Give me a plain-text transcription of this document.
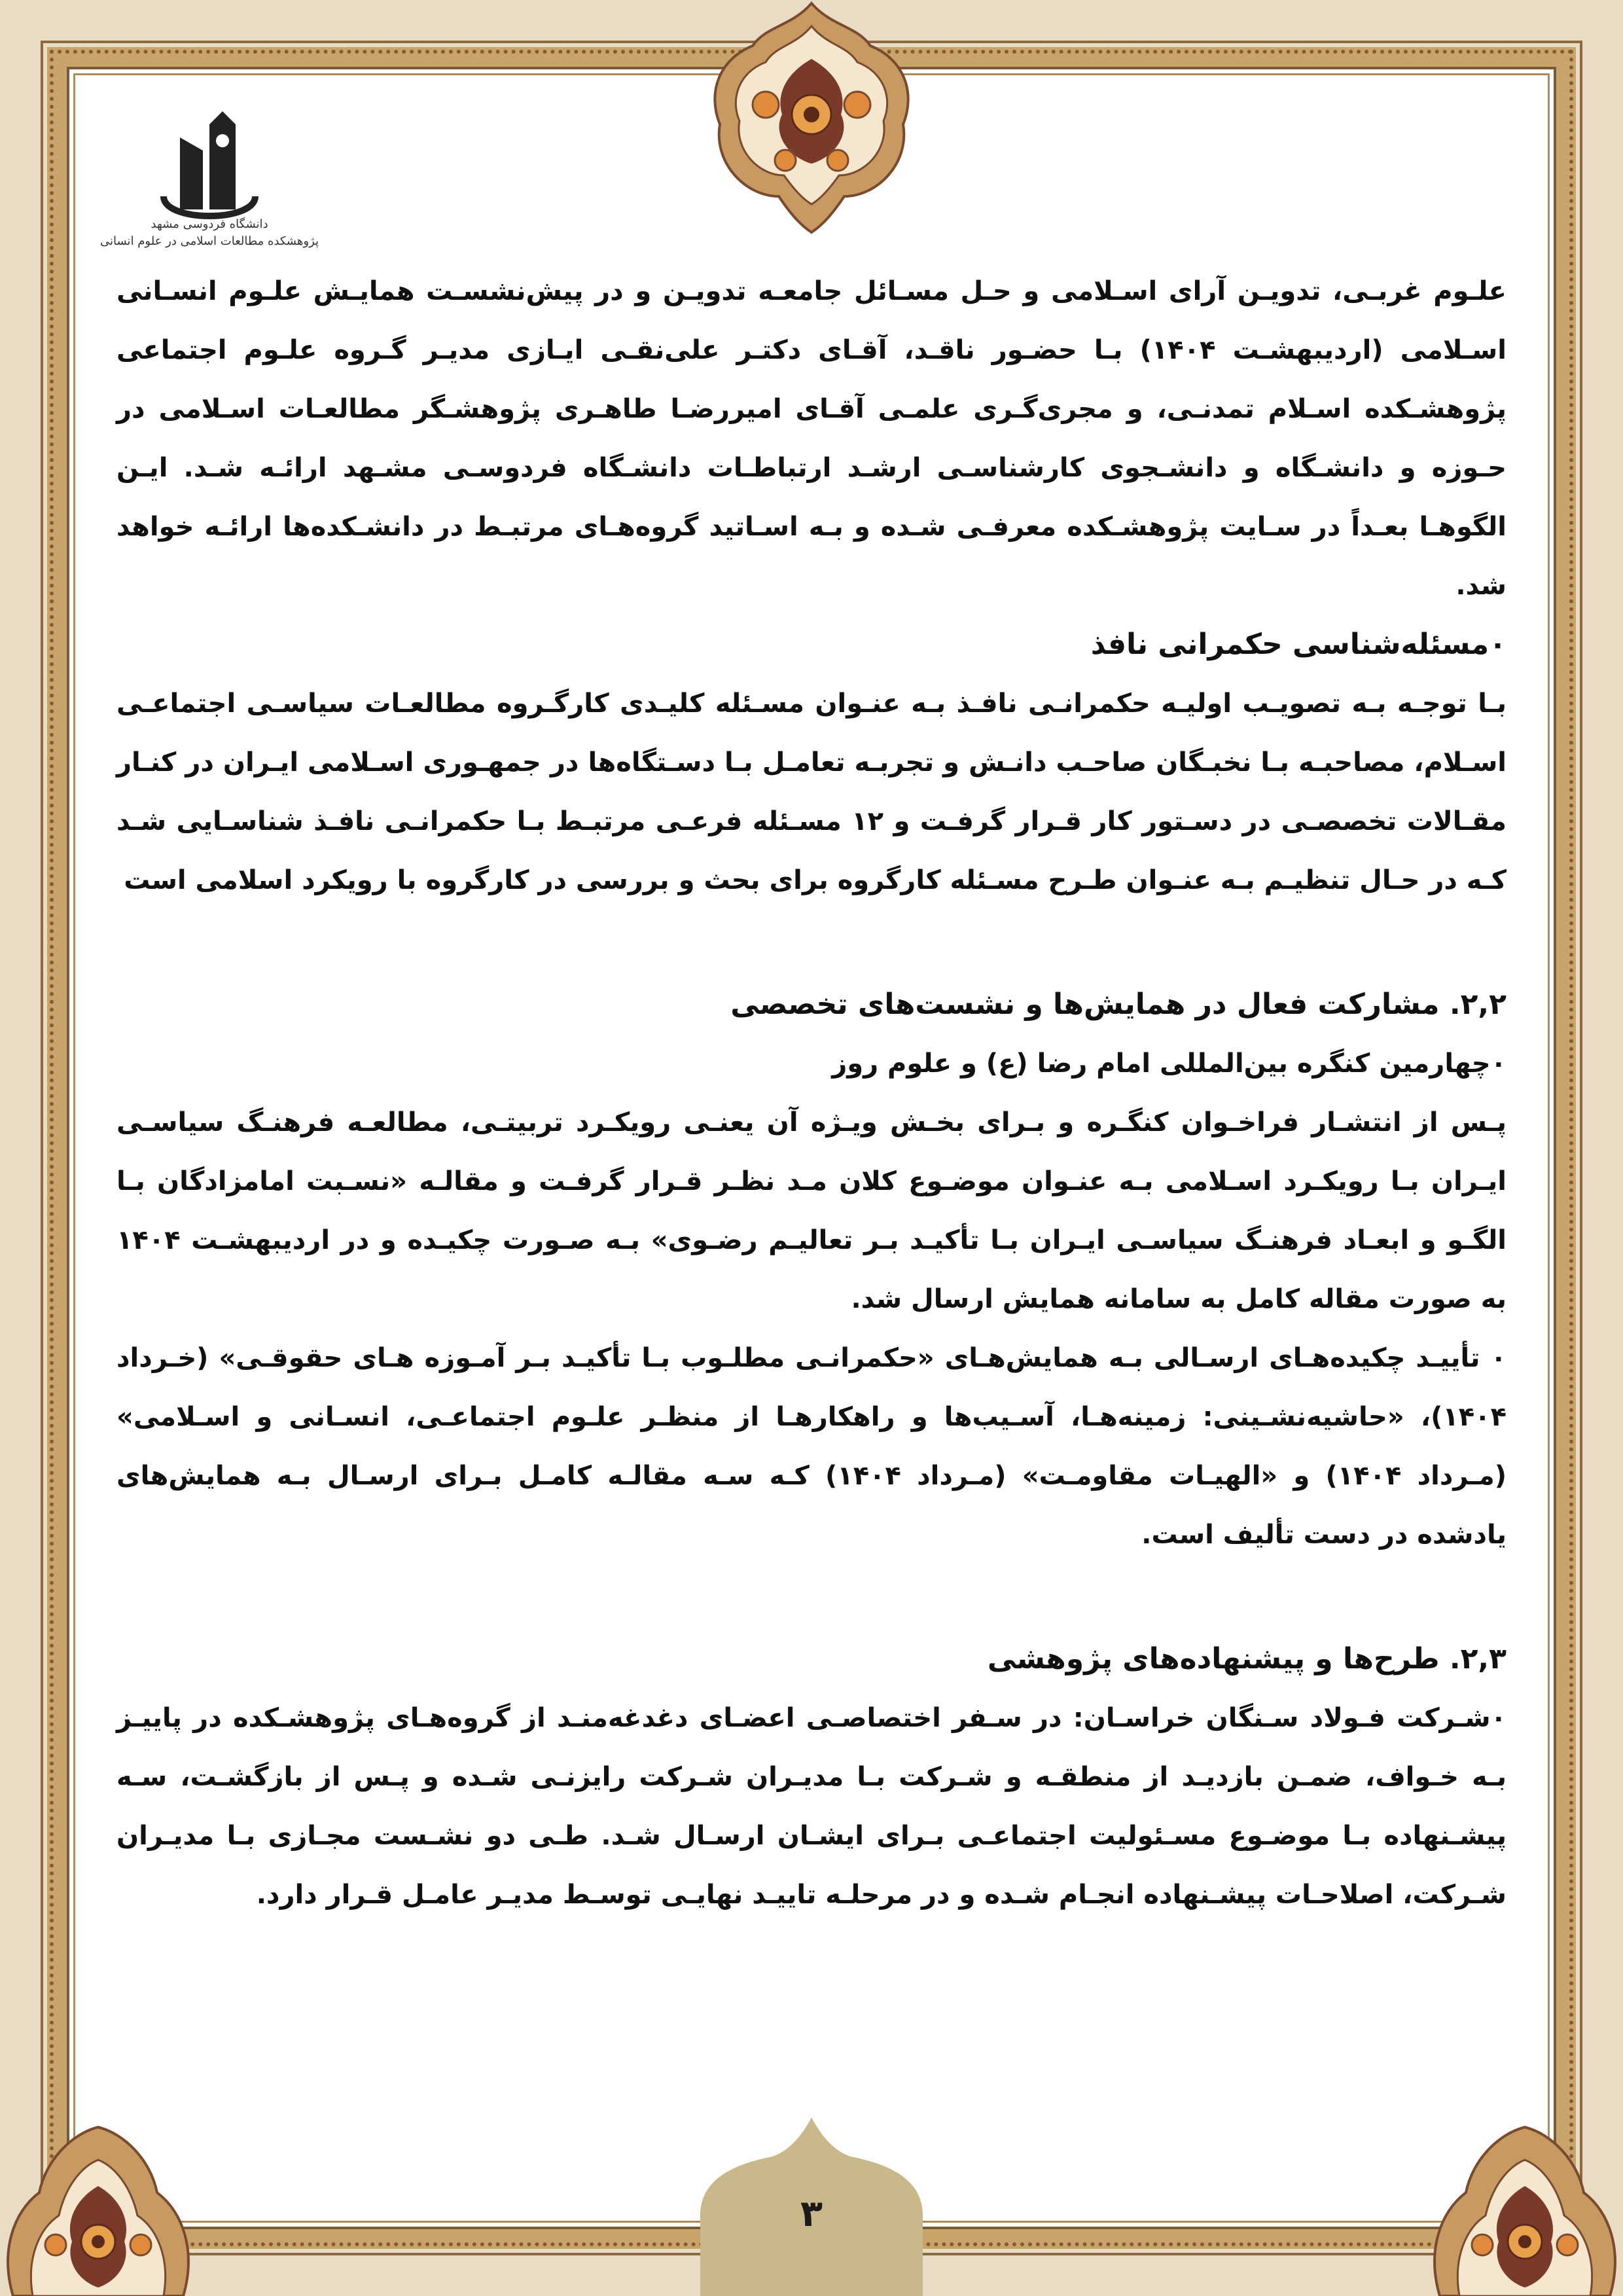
دانشگاه فردوسی مشهد
پژوهشکده مطالعات اسلامی در علوم انسانی

علـوم غربـی، تدویـن آرای اسـلامی و حـل مسـائل جامعـه تدویـن و در پیش‌نشسـت همایـش علـوم انسـانی اسـلامی (اردیبهشـت ۱۴۰۴) بـا حضـور ناقـد، آقـای دکتـر علی‌نقـی ایـازی مدیـر گـروه علـوم اجتماعی پژوهشـکده اسـلام تمدنـی، و مجری‌گـری علمـی آقـای امیررضـا طاهـری پژوهشـگر مطالعـات اسـلامی در حـوزه و دانشـگاه و دانشـجوی کارشناسـی ارشـد ارتباطـات دانشـگاه فردوسـی مشـهد ارائـه شـد. ایـن الگوهـا بعـداً در سـایت پژوهشـکده معرفـی شـده و بـه اسـاتید گروه‌هـای مرتبـط در دانشـکده‌ها ارائـه خواهد شد.

۰مسئله‌شناسی حکمرانی نافذ

بـا توجـه بـه تصویـب اولیـه حکمرانـی نافـذ بـه عنـوان مسـئله کلیـدی کارگـروه مطالعـات سیاسـی اجتماعـی اسـلام، مصاحبـه بـا نخبـگان صاحـب دانـش و تجربـه تعامـل بـا دسـتگاه‌ها در جمهـوری اسـلامی ایـران در کنـار مقـالات تخصصـی در دسـتور کار قـرار گرفـت و ۱۲ مسـئله فرعـی مرتبـط بـا حکمرانـی نافـذ شناسـایی شـد کـه در حـال تنظیـم بـه عنـوان طـرح مسـئله کارگروه برای بحث و بررسی در کارگروه با رویکرد اسلامی است

۲,۲. مشارکت فعال در همایش‌ها و نشست‌های تخصصی

۰چهارمین کنگره بین‌المللی امام رضا (ع) و علوم روز

پـس از انتشـار فراخـوان کنگـره و بـرای بخـش ویـژه آن یعنـی رویکـرد تربیتـی، مطالعـه فرهنـگ سیاسـی ایـران بـا رویکـرد اسـلامی بـه عنـوان موضـوع کلان مـد نظـر قـرار گرفـت و مقالـه «نسـبت امامزادگان بـا الگـو و ابعـاد فرهنـگ سیاسـی ایـران بـا تأکیـد بـر تعالیـم رضـوی» بـه صـورت چکیـده و در اردیبهشـت ۱۴۰۴ به صورت مقاله کامل به سامانه همایش ارسال شد.

۰ تأییـد چکیده‌هـای ارسـالی بـه همایش‌هـای «حکمرانـی مطلـوب بـا تأکیـد بـر آمـوزه هـای حقوقـی» (خـرداد ۱۴۰۴)، «حاشیه‌نشـینی: زمینه‌هـا، آسـیب‌ها و راهکارهـا از منظـر علـوم اجتماعـی، انسـانی و اسـلامی» (مـرداد ۱۴۰۴) و «الهیـات مقاومـت» (مـرداد ۱۴۰۴) کـه سـه مقالـه کامـل بـرای ارسـال بـه همایش‌های یادشده در دست تألیف است.

۲,۳. طرح‌ها و پیشنهاده‌های پژوهشی

۰شـرکت فـولاد سـنگان خراسـان: در سـفر اختصاصـی اعضـای دغدغه‌منـد از گروه‌هـای پژوهشـکده در پاییـز بـه خـواف، ضمـن بازدیـد از منطقـه و شـرکت بـا مدیـران شـرکت رایزنـی شـده و پـس از بازگشـت، سـه پیشـنهاده بـا موضـوع مسـئولیت اجتماعـی بـرای ایشـان ارسـال شـد. طـی دو نشـست مجـازی بـا مدیـران شـرکت، اصلاحـات پیشـنهاده انجـام شـده و در مرحلـه تاییـد نهایـی توسـط مدیـر عامـل قـرار دارد.

۳
